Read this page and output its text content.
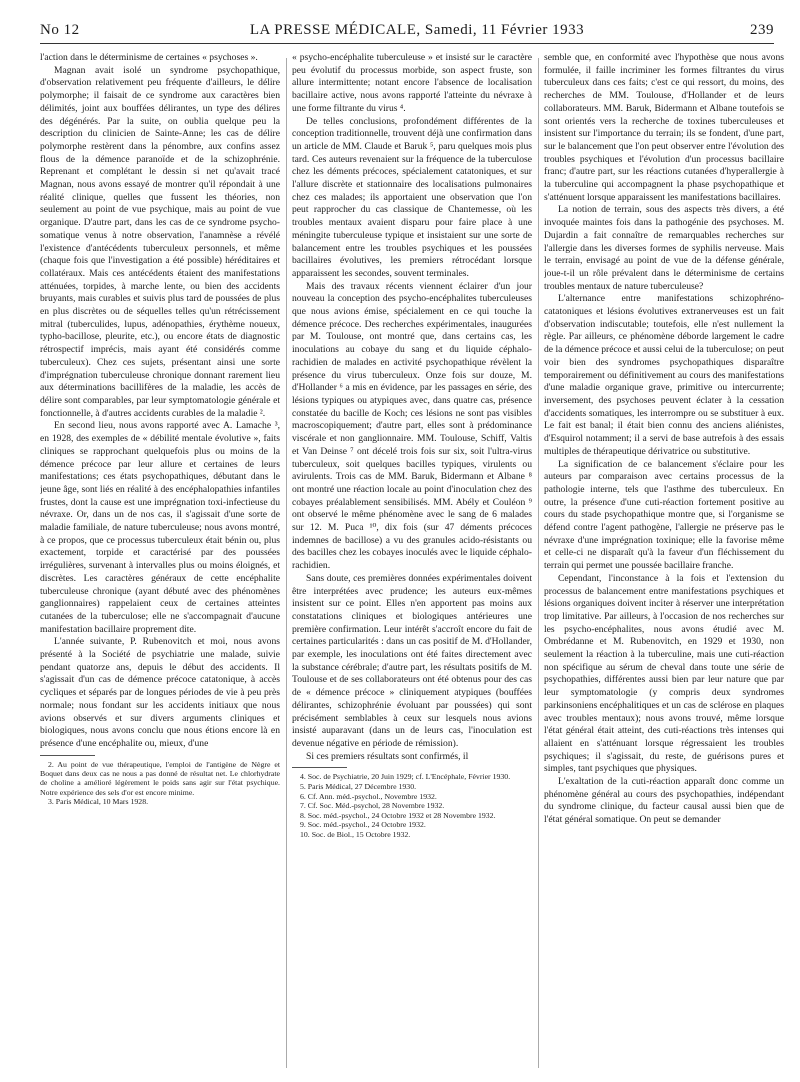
No 12	LA PRESSE MÉDICALE, Samedi, 11 Février 1933	239

l'action dans le déterminisme de certaines « psychoses ».

Magnan avait isolé un syndrome psychopathique, d'observation relativement peu fréquente d'ailleurs, le délire polymorphe; il faisait de ce syndrome aux caractères bien délimités, joint aux bouffées délirantes, un type des délires des dégénérés. Par la suite, on oublia quelque peu la description du clinicien de Sainte-Anne; les cas de délire polymorphe restèrent dans la pénombre, aux confins assez flous de la démence paranoïde et de la schizophrénie. Reprenant et complétant le dessin si net qu'avait tracé Magnan, nous avons essayé de montrer qu'il répondait à une réalité clinique, quelles que fussent les théories, non seulement au point de vue psychique, mais au point de vue organique. D'autre part, dans les cas de ce syndrome psycho-somatique venus à notre observation, l'anamnèse a révélé l'existence d'antécédents tuberculeux personnels, et même (chaque fois que l'investigation a été possible) héréditaires et collatéraux. Mais ces antécédents étaient des manifestations atténuées, torpides, à marche lente, ou bien des accidents bruyants, mais curables et suivis plus tard de poussées de plus en plus discrètes ou de séquelles telles qu'un rétrécissement mitral (tuberculides, lupus, adénopathies, érythème noueux, typho-bacillose, pleurite, etc.), ou encore états de diagnostic rétrospectif imprécis, mais ayant été considérés comme tuberculeux). Chez ces sujets, présentant ainsi une sorte d'imprégnation tuberculeuse chronique donnant rarement lieu aux déterminations bacillifères de la maladie, les accès de délire sont comparables, par leur symptomatologie générale et fonctionnelle, à d'autres accidents curables de la maladie ².

En second lieu, nous avons rapporté avec A. Lamache ³, en 1928, des exemples de « débilité mentale évolutive », faits cliniques se rapprochant quelquefois plus ou moins de la démence précoce par leur allure et certaines de leurs manifestations; ces états psychopathiques, débutant dans le jeune âge, sont liés en réalité à des encéphalopathies infantiles frustes, dont la cause est une imprégnation toxi-infectieuse du névraxe. Or, dans un de nos cas, il s'agissait d'une sorte de maladie familiale, de nature tuberculeuse; nous avons montré, à ce propos, que ce processus tuberculeux était bénin ou, plus exactement, torpide et caractérisé par des poussées irrégulières, survenant à intervalles plus ou moins éloignés, et discrètes. Les caractères généraux de cette encéphalite tuberculeuse chronique (ayant débuté avec des phénomènes ganglionnaires) rappelaient ceux de certaines atteintes cutanées de la tuberculose; elle ne s'accompagnait d'aucune manifestation bacillaire proprement dite.

L'année suivante, P. Rubenovitch et moi, nous avons présenté à la Société de psychiatrie une malade, suivie pendant quatorze ans, depuis le début des accidents. Il s'agissait d'un cas de démence précoce catatonique, à accès cycliques et séparés par de longues périodes de vie à peu près normale; nous fondant sur les accidents initiaux que nous avions observés et sur divers arguments cliniques et biologiques, nous avons conclu que nous étions encore là en présence d'une encéphalite ou, mieux, d'une

2. Au point de vue thérapeutique, l'emploi de l'antigène de Nègre et Boquet dans deux cas ne nous a pas donné de résultat net. Le chlorhydrate de choline a amélioré légèrement le poids sans agir sur l'état psychique. Notre expérience des sels d'or est encore minime.

3. Paris Médical, 10 Mars 1928.

« psycho-encéphalite tuberculeuse » et insisté sur le caractère peu évolutif du processus morbide, son aspect fruste, son allure intermittente; notant encore l'absence de localisation bacillaire active, nous avons rapporté l'atteinte du névraxe à une forme filtrante du virus ⁴.

De telles conclusions, profondément différentes de la conception traditionnelle, trouvent déjà une confirmation dans un article de MM. Claude et Baruk ⁵, paru quelques mois plus tard. Ces auteurs revenaient sur la fréquence de la tuberculose chez les déments précoces, spécialement catatoniques, et sur l'allure discrète et stationnaire des localisations pulmonaires chez ces malades; ils apportaient une observation que l'on peut rapprocher du cas classique de Chantemesse, où les troubles mentaux avaient disparu pour faire place à une méningite tuberculeuse typique et insistaient sur une sorte de balancement entre les troubles psychiques et les poussées bacillaires évolutives, les premiers rétrocédant lorsque apparaissent les secondes, souvent terminales.

Mais des travaux récents viennent éclairer d'un jour nouveau la conception des psycho-encéphalites tuberculeuses que nous avions émise, spécialement en ce qui touche la démence précoce. Des recherches expérimentales, inaugurées par M. Toulouse, ont montré que, dans certains cas, les inoculations au cobaye du sang et du liquide céphalo-rachidien de malades en activité psychopathique révèlent la présence du virus tuberculeux. Onze fois sur douze, M. d'Hollander ⁶ a mis en évidence, par les passages en série, des lésions typiques ou atypiques avec, dans quatre cas, présence constatée du bacille de Koch; ces lésions ne sont pas visibles macroscopiquement; d'autre part, elles sont à prédominance viscérale et non ganglionnaire. MM. Toulouse, Schiff, Valtis et Van Deinse ⁷ ont décelé trois fois sur six, soit l'ultra-virus tuberculeux, soit quelques bacilles typiques, virulents ou avirulents. Trois cas de MM. Baruk, Bidermann et Albane ⁸ ont montré une réaction locale au point d'inoculation chez des cobayes préalablement sensibilisés. MM. Abély et Couléon ⁹ ont observé le même phénomène avec le sang de 6 malades sur 12. M. Puca ¹⁰, dix fois (sur 47 déments précoces indemnes de bacillose) a vu des granules acido-résistants ou des bacilles chez les cobayes inoculés avec le liquide céphalo-rachidien.

Sans doute, ces premières données expérimentales doivent être interprétées avec prudence; les auteurs eux-mêmes insistent sur ce point. Elles n'en apportent pas moins aux constatations cliniques et biologiques antérieures une première confirmation. Leur intérêt s'accroît encore du fait de certaines particularités : dans un cas positif de M. d'Hollander, par exemple, les inoculations ont été faites directement avec la substance cérébrale; d'autre part, les résultats positifs de M. Toulouse et de ses collaborateurs ont été obtenus pour des cas de « démence précoce » cliniquement atypiques (bouffées délirantes, schizophrénie évoluant par poussées) qui sont précisément semblables à ceux sur lesquels nous avions insisté auparavant (dans un de leurs cas, l'inoculation est devenue négative en période de rémission).

Si ces premiers résultats sont confirmés, il

4. Soc. de Psychiatrie, 20 Juin 1929; cf. L'Encéphale, Février 1930.

5. Paris Médical, 27 Décembre 1930.

6. Cf. Ann. méd.-psychol., Novembre 1932.

7. Cf. Soc. Méd.-psychol, 28 Novembre 1932.

8. Soc. méd.-psychol., 24 Octobre 1932 et 28 Novembre 1932.

9. Soc. méd.-psychol., 24 Octobre 1932.

10. Soc. de Biol., 15 Octobre 1932.

semble que, en conformité avec l'hypothèse que nous avons formulée, il faille incriminer les formes filtrantes du virus tuberculeux dans ces faits; c'est ce qui ressort, du moins, des recherches de MM. Toulouse, d'Hollander et de leurs collaborateurs. MM. Baruk, Bidermann et Albane toutefois se sont orientés vers la recherche de toxines tuberculeuses et insistent sur l'importance du terrain; ils se fondent, d'une part, sur le balancement que l'on peut observer entre l'évolution des troubles psychiques et l'évolution d'un processus bacillaire franc; d'autre part, sur les réactions cutanées d'hyperallergie à la tuberculine qui accompagnent la phase psychopathique et s'atténuent lorsque apparaissent les manifestations bacillaires.

La notion de terrain, sous des aspects très divers, a été invoquée maintes fois dans la pathogénie des psychoses. M. Dujardin a fait connaître de remarquables recherches sur l'allergie dans les diverses formes de syphilis nerveuse. Mais le terrain, envisagé au point de vue de la défense générale, joue-t-il un rôle prévalent dans le déterminisme de certains troubles mentaux de nature tuberculeuse?

L'alternance entre manifestations schizophréno-catatoniques et lésions évolutives extranerveuses est un fait d'observation indiscutable; toutefois, elle n'est nullement la règle. Par ailleurs, ce phénomène déborde largement le cadre de la démence précoce et aussi celui de la tuberculose; on peut voir bien des syndromes psychopathiques disparaître temporairement ou définitivement au cours des manifestations d'une maladie organique grave, primitive ou intercurrente; inversement, des psychoses peuvent éclater à la cessation d'accidents somatiques, les interrompre ou se substituer à eux. Le fait est banal; il était bien connu des anciens aliénistes, d'Esquirol notamment; il a servi de base autrefois à des essais multiples de thérapeutique dérivatrice ou substitutive.

La signification de ce balancement s'éclaire pour les auteurs par comparaison avec certains processus de la pathologie interne, tels que l'asthme des tuberculeux. En outre, la présence d'une cuti-réaction fortement positive au cours du stade psychopathique montre que, si l'organisme se défend contre l'agent pathogène, l'allergie ne préserve pas le névraxe d'une imprégnation toxinique; elle la favorise même et celle-ci ne disparaît qu'à la faveur d'un fléchissement du terrain qui permet une poussée bacillaire franche.

Cependant, l'inconstance à la fois et l'extension du processus de balancement entre manifestations psychiques et lésions organiques doivent inciter à réserver une interprétation trop limitative. Par ailleurs, à l'occasion de nos recherches sur les psycho-encéphalites, nous avons étudié avec M. Ombrédanne et M. Rubenovitch, en 1929 et 1930, non seulement la réaction à la tuberculine, mais une cuti-réaction non spécifique au sérum de cheval dans toute une série de psychopathies, différentes aussi bien par leur nature que par leur symptomatologie (y compris deux syndromes parkinsoniens encéphalitiques et un cas de sclérose en plaques avec troubles mentaux); nous avons trouvé, même lorsque l'état général était atteint, des cuti-réactions très intenses qui allaient en s'atténuant lorsque régressaient les troubles psychiques; il s'agissait, du reste, de guérisons pures et simples, tant psychiques que physiques.

L'exaltation de la cuti-réaction apparaît donc comme un phénomène général au cours des psychopathies, indépendant du syndrome clinique, du facteur causal aussi bien que de l'état général somatique. On peut se demander
